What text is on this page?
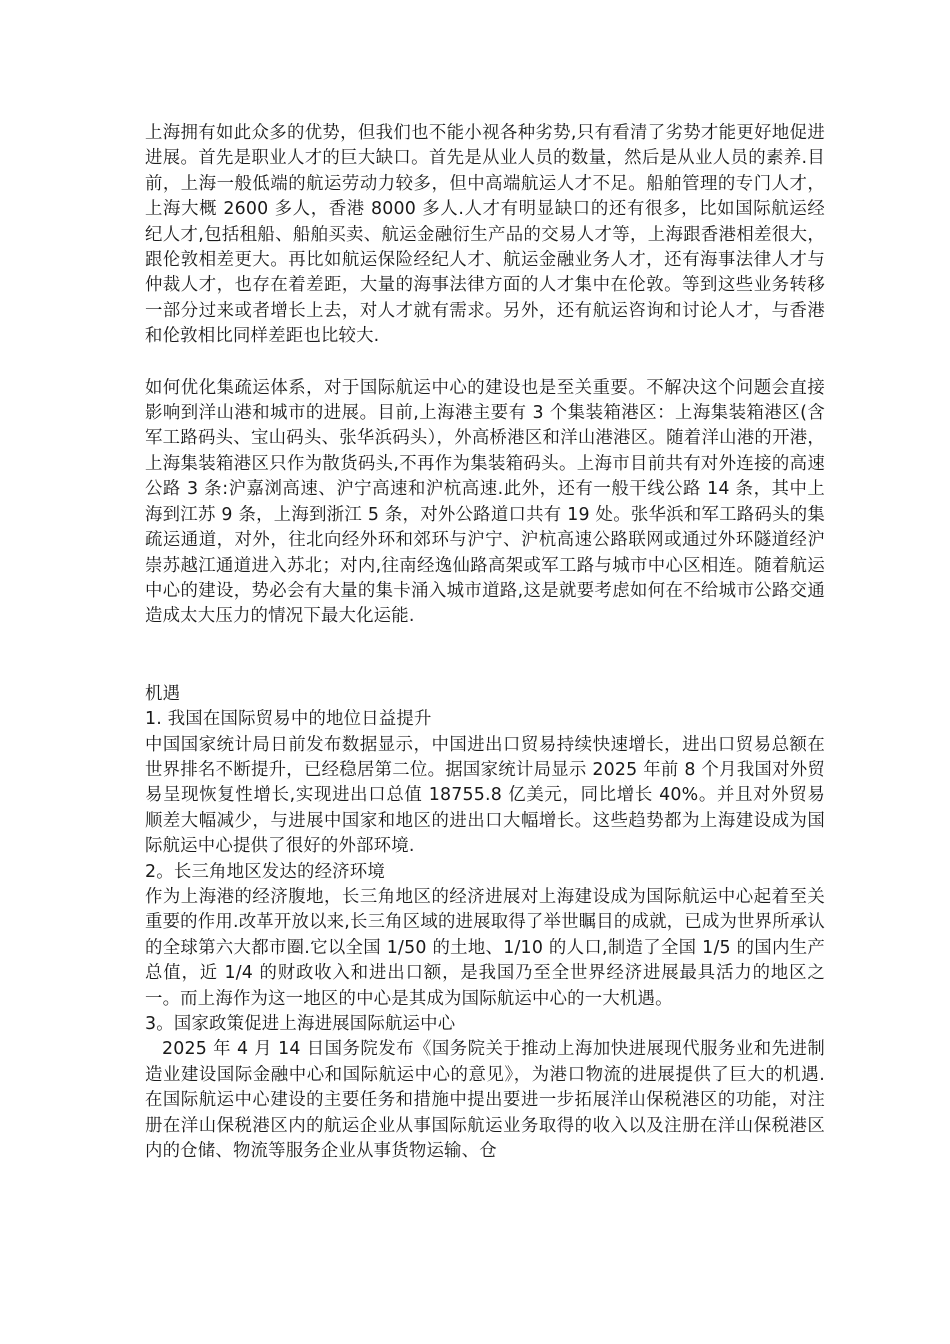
上海拥有如此众多的优势，但我们也不能小视各种劣势,只有看清了劣势才能更好地促进进展。首先是职业人才的巨大缺口。首先是从业人员的数量，然后是从业人员的素养.目前，上海一般低端的航运劳动力较多，但中高端航运人才不足。船舶管理的专门人才，上海大概 2600 多人，香港 8000 多人.人才有明显缺口的还有很多，比如国际航运经纪人才,包括租船、船舶买卖、航运金融衍生产品的交易人才等，上海跟香港相差很大，跟伦敦相差更大。再比如航运保险经纪人才、航运金融业务人才，还有海事法律人才与仲裁人才，也存在着差距，大量的海事法律方面的人才集中在伦敦。等到这些业务转移一部分过来或者增长上去，对人才就有需求。另外，还有航运咨询和讨论人才，与香港和伦敦相比同样差距也比较大.

如何优化集疏运体系，对于国际航运中心的建设也是至关重要。不解决这个问题会直接影响到洋山港和城市的进展。目前,上海港主要有 3 个集装箱港区：上海集装箱港区(含军工路码头、宝山码头、张华浜码头），外高桥港区和洋山港港区。随着洋山港的开港，上海集装箱港区只作为散货码头,不再作为集装箱码头。上海市目前共有对外连接的高速公路 3 条:沪嘉浏高速、沪宁高速和沪杭高速.此外，还有一般干线公路 14 条，其中上海到江苏 9 条，上海到浙江 5 条，对外公路道口共有 19 处。张华浜和军工路码头的集疏运通道，对外，往北向经外环和郊环与沪宁、沪杭高速公路联网或通过外环隧道经沪崇苏越江通道进入苏北；对内,往南经逸仙路高架或军工路与城市中心区相连。随着航运中心的建设，势必会有大量的集卡涌入城市道路,这是就要考虑如何在不给城市公路交通造成太大压力的情况下最大化运能.

机遇

1. 我国在国际贸易中的地位日益提升

中国国家统计局日前发布数据显示，中国进出口贸易持续快速增长，进出口贸易总额在世界排名不断提升，已经稳居第二位。据国家统计局显示 2025 年前 8 个月我国对外贸易呈现恢复性增长,实现进出口总值 18755.8 亿美元，同比增长 40%。并且对外贸易顺差大幅减少，与进展中国家和地区的进出口大幅增长。这些趋势都为上海建设成为国际航运中心提供了很好的外部环境.

2。长三角地区发达的经济环境

作为上海港的经济腹地，长三角地区的经济进展对上海建设成为国际航运中心起着至关重要的作用.改革开放以来,长三角区域的进展取得了举世瞩目的成就，已成为世界所承认的全球第六大都市圈.它以全国 1/50 的土地、1/10 的人口,制造了全国 1/5 的国内生产总值，近 1/4 的财政收入和进出口额，是我国乃至全世界经济进展最具活力的地区之一。而上海作为这一地区的中心是其成为国际航运中心的一大机遇。

3。国家政策促进上海进展国际航运中心

2025 年 4 月 14 日国务院发布《国务院关于推动上海加快进展现代服务业和先进制造业建设国际金融中心和国际航运中心的意见》，为港口物流的进展提供了巨大的机遇.在国际航运中心建设的主要任务和措施中提出要进一步拓展洋山保税港区的功能，对注册在洋山保税港区内的航运企业从事国际航运业务取得的收入以及注册在洋山保税港区内的仓储、物流等服务企业从事货物运输、仓
